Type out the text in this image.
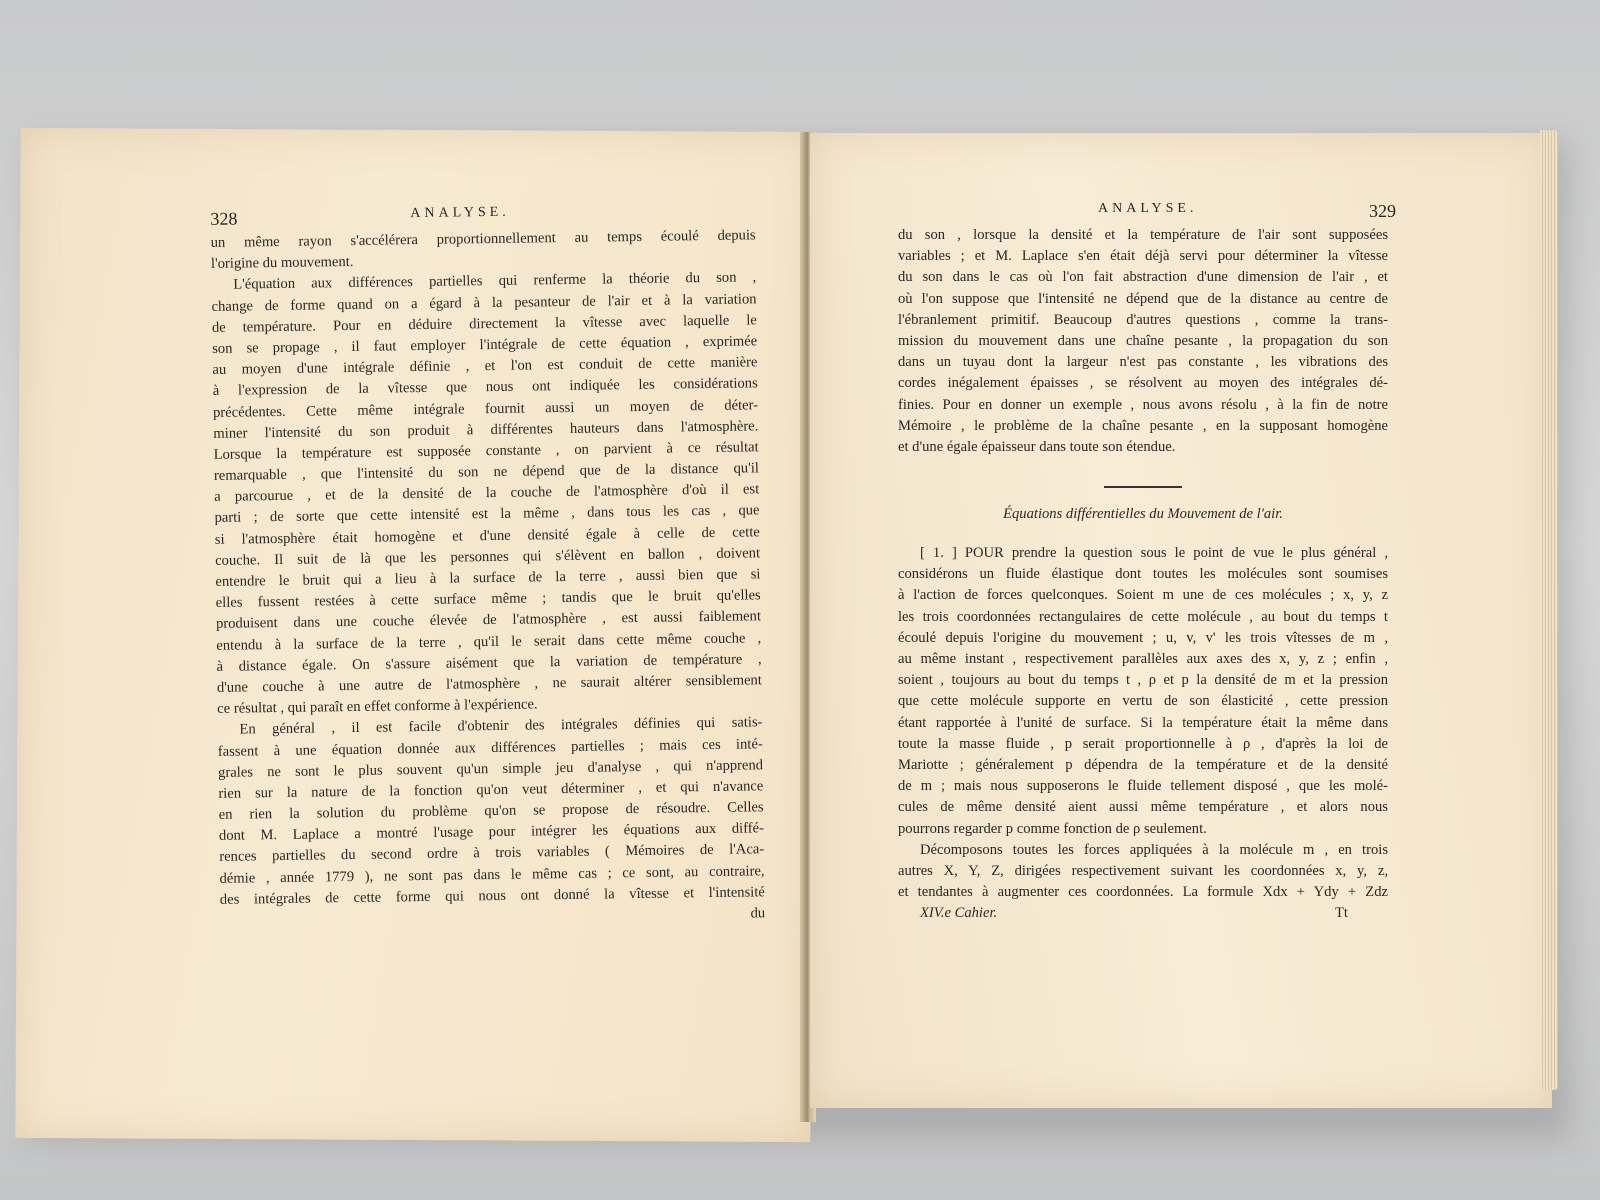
328	ANALYSE.
un même rayon s'accélérera proportionnellement au temps écoulé depuis
l'origine du mouvement.
L'équation aux différences partielles qui renferme la théorie du son ,
change de forme quand on a égard à la pesanteur de l'air et à la variation
de température. Pour en déduire directement la vîtesse avec laquelle le
son se propage , il faut employer l'intégrale de cette équation , exprimée
au moyen d'une intégrale définie , et l'on est conduit de cette manière
à l'expression de la vîtesse que nous ont indiquée les considérations
précédentes. Cette même intégrale fournit aussi un moyen de déter-
miner l'intensité du son produit à différentes hauteurs dans l'atmosphère.
Lorsque la température est supposée constante , on parvient à ce résultat
remarquable , que l'intensité du son ne dépend que de la distance qu'il
a parcourue , et de la densité de la couche de l'atmosphère d'où il est
parti ; de sorte que cette intensité est la même , dans tous les cas , que
si l'atmosphère était homogène et d'une densité égale à celle de cette
couche. Il suit de là que les personnes qui s'élèvent en ballon , doivent
entendre le bruit qui a lieu à la surface de la terre , aussi bien que si
elles fussent restées à cette surface même ; tandis que le bruit qu'elles
produisent dans une couche élevée de l'atmosphère , est aussi faiblement
entendu à la surface de la terre , qu'il le serait dans cette même couche ,
à distance égale. On s'assure aisément que la variation de température ,
d'une couche à une autre de l'atmosphère , ne saurait altérer sensiblement
ce résultat , qui paraît en effet conforme à l'expérience.
En général , il est facile d'obtenir des intégrales définies qui satis-
fassent à une équation donnée aux différences partielles ; mais ces inté-
grales ne sont le plus souvent qu'un simple jeu d'analyse , qui n'apprend
rien sur la nature de la fonction qu'on veut déterminer , et qui n'avance
en rien la solution du problème qu'on se propose de résoudre. Celles
dont M. Laplace a montré l'usage pour intégrer les équations aux diffé-
rences partielles du second ordre à trois variables ( Mémoires de l'Aca-
démie , année 1779 ), ne sont pas dans le même cas ; ce sont, au contraire,
des intégrales de cette forme qui nous ont donné la vîtesse et l'intensité
du
ANALYSE.	329
du son , lorsque la densité et la température de l'air sont supposées
variables ; et M. Laplace s'en était déjà servi pour déterminer la vîtesse
du son dans le cas où l'on fait abstraction d'une dimension de l'air , et
où l'on suppose que l'intensité ne dépend que de la distance au centre de
l'ébranlement primitif. Beaucoup d'autres questions , comme la trans-
mission du mouvement dans une chaîne pesante , la propagation du son
dans un tuyau dont la largeur n'est pas constante , les vibrations des
cordes inégalement épaisses , se résolvent au moyen des intégrales dé-
finies. Pour en donner un exemple , nous avons résolu , à la fin de notre
Mémoire , le problème de la chaîne pesante , en la supposant homogène
et d'une égale épaisseur dans toute son étendue.
Équations différentielles du Mouvement de l'air.
[ 1. ] POUR prendre la question sous le point de vue le plus général ,
considérons un fluide élastique dont toutes les molécules sont soumises
à l'action de forces quelconques. Soient m une de ces molécules ; x, y, z
les trois coordonnées rectangulaires de cette molécule , au bout du temps t
écoulé depuis l'origine du mouvement ; u, v, v' les trois vîtesses de m ,
au même instant , respectivement parallèles aux axes des x, y, z ; enfin ,
soient , toujours au bout du temps t , ρ et p la densité de m et la pression
que cette molécule supporte en vertu de son élasticité , cette pression
étant rapportée à l'unité de surface. Si la température était la même dans
toute la masse fluide , p serait proportionnelle à ρ , d'après la loi de
Mariotte ; généralement p dépendra de la température et de la densité
de m ; mais nous supposerons le fluide tellement disposé , que les molé-
cules de même densité aient aussi même température , et alors nous
pourrons regarder p comme fonction de ρ seulement.
Décomposons toutes les forces appliquées à la molécule m , en trois
autres X, Y, Z, dirigées respectivement suivant les coordonnées x, y, z,
et tendantes à augmenter ces coordonnées. La formule Xdx + Ydy + Zdz
XIV.e Cahier.	Tt
